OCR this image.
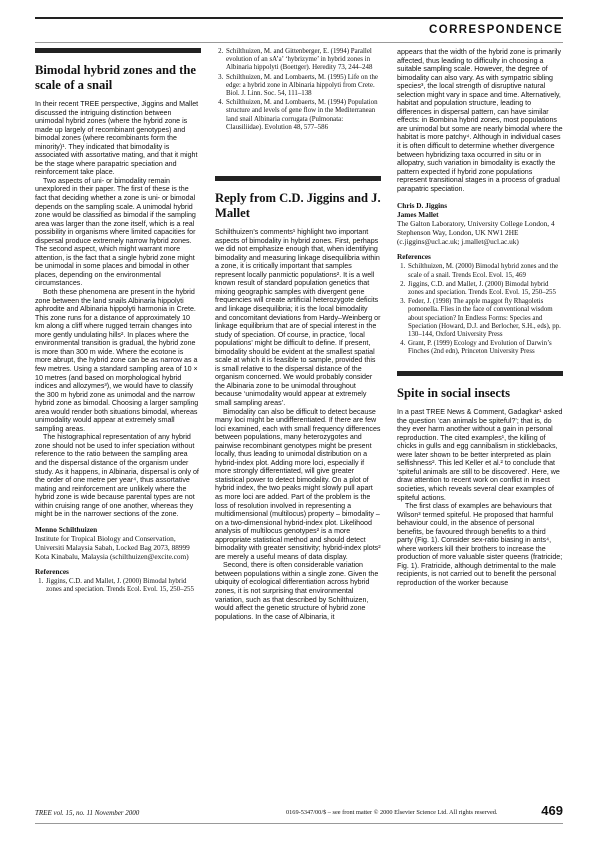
CORRESPONDENCE
Bimodal hybrid zones and the scale of a snail

In their recent TREE perspective, Jiggins and Mallet discussed the intriguing distinction between unimodal hybrid zones (where the hybrid zone is made up largely of recombinant genotypes) and bimodal zones (where recombinants form the minority)¹. They indicated that bimodality is associated with assortative mating, and that it might be the stage where parapatric speciation and reinforcement take place.

Two aspects of uni- or bimodality remain unexplored in their paper. The first of these is the fact that deciding whether a zone is uni- or bimodal depends on the sampling scale. A unimodal hybrid zone would be classified as bimodal if the sampling area was larger than the zone itself, which is a real possibility in organisms where limited capacities for dispersal produce extremely narrow hybrid zones. The second aspect, which might warrant more attention, is the fact that a single hybrid zone might be unimodal in some places and bimodal in other places, depending on the environmental circumstances.

Both these phenomena are present in the hybrid zone between the land snails Albinaria hippolyti aphrodite and Albinaria hippolyti harmonia in Crete. This zone runs for a distance of approximately 10 km along a cliff where rugged terrain changes into more gently undulating hills². In places where the environmental transition is gradual, the hybrid zone is more than 300 m wide. Where the ecotone is more abrupt, the hybrid zone can be as narrow as a few metres. Using a standard sampling area of 10 × 10 metres (and based on morphological hybrid indices and allozymes³), we would have to classify the 300 m hybrid zone as unimodal and the narrow hybrid zone as bimodal. Choosing a larger sampling area would render both situations bimodal, whereas unimodality would appear at extremely small sampling areas.

The histographical representation of any hybrid zone should not be used to infer speciation without reference to the ratio between the sampling area and the dispersal distance of the organism under study. As it happens, in Albinaria, dispersal is only of the order of one metre per year⁴, thus assortative mating and reinforcement are unlikely where the hybrid zone is wide because parental types are not within cruising range of one another, whereas they might be in the narrower sections of the zone.

Menno Schilthuizen
Institute for Tropical Biology and Conservation, Universiti Malaysia Sabah, Locked Bag 2073, 88999 Kota Kinabalu, Malaysia (schilthuizen@excite.com)
References
1. Jiggins, C.D. and Mallet, J. (2000) Bimodal hybrid zones and speciation. Trends Ecol. Evol. 15, 250–255
2. Schilthuizen, M. and Gittenberger, E. (1994) Parallel evolution of an sA’a’ ‘hybrizyme’ in hybrid zones in Albinaria hippolyti (Boettger). Heredity 73, 244–248
3. Schilthuizen, M. and Lombaerts, M. (1995) Life on the edge: a hybrid zone in Albinaria hippolyti from Crete. Biol. J. Linn. Soc. 54, 111–138
4. Schilthuizen, M. and Lombaerts, M. (1994) Population structure and levels of gene flow in the Mediterranean land snail Albinaria corrugata (Pulmonata: Clausiliidae). Evolution 48, 577–586
Reply from C.D. Jiggins and J. Mallet

Schilthuizen’s comments¹ highlight two important aspects of bimodality in hybrid zones. First, perhaps we did not emphasize enough that, when identifying bimodality and measuring linkage disequilibria within a zone, it is critically important that samples represent locally panmictic populations². It is a well known result of standard population genetics that mixing geographic samples with divergent gene frequencies will create artificial heterozygote deficits and linkage disequilibria; it is the local bimodality and concomitant deviations from Hardy–Weinberg or linkage equilibrium that are of special interest in the study of speciation. Of course, in practice, ‘local populations’ might be difficult to define. If present, bimodality should be evident at the smallest spatial scale at which it is feasible to sample, provided this is small relative to the dispersal distance of the organism concerned. We would probably consider the Albinaria zone to be unimodal throughout because ‘unimodality would appear at extremely small sampling areas’.

Bimodality can also be difficult to detect because many loci might be undifferentiated. If there are few loci examined, each with small frequency differences between populations, many heterozygotes and pairwise recombinant genotypes might be present locally, thus leading to unimodal distribution on a hybrid-index plot. Adding more loci, especially if more strongly differentiated, will give greater statistical power to detect bimodality. On a plot of hybrid index, the two peaks might slowly pull apart as more loci are added. Part of the problem is the loss of resolution involved in representing a multidimensional (multilocus) property – bimodality – on a two-dimensional hybrid-index plot. Likelihood analysis of multilocus genotypes² is a more appropriate statistical method and should detect bimodality with greater sensitivity; hybrid-index plots² are merely a useful means of data display.

Second, there is often considerable variation between populations within a single zone. Given the ubiquity of ecological differentiation across hybrid zones, it is not surprising that environmental variation, such as that described by Schilthuizen, would affect the genetic structure of hybrid zone populations. In the case of Albinaria, it

appears that the width of the hybrid zone is primarily affected, thus leading to difficulty in choosing a suitable sampling scale. However, the degree of bimodality can also vary. As with sympatric sibling species³, the local strength of disruptive natural selection might vary in space and time. Alternatively, habitat and population structure, leading to differences in dispersal pattern, can have similar effects: in Bombina hybrid zones, most populations are unimodal but some are nearly bimodal where the habitat is more patchy⁴. Although in individual cases it is often difficult to determine whether divergence between hybridizing taxa occurred in situ or in allopatry, such variation in bimodality is exactly the pattern expected if hybrid zone populations represent transitional stages in a process of gradual parapatric speciation.

Chris D. Jiggins
James Mallet
The Galton Laboratory, University College London, 4 Stephenson Way, London, UK NW1 2HE (c.jiggins@ucl.ac.uk; j.mallet@ucl.ac.uk)
References
1. Schilthuizen, M. (2000) Bimodal hybrid zones and the scale of a snail. Trends Ecol. Evol. 15, 469
2. Jiggins, C.D. and Mallet, J. (2000) Bimodal hybrid zones and speciation. Trends Ecol. Evol. 15, 250–255
3. Feder, J. (1998) The apple maggot fly Rhagoletis pomonella. Flies in the face of conventional wisdom about speciation? In Endless Forms: Species and Speciation (Howard, D.J. and Berlocher, S.H., eds), pp. 130–144, Oxford University Press
4. Grant, P. (1999) Ecology and Evolution of Darwin’s Finches (2nd edn), Princeton University Press
Spite in social insects

In a past TREE News & Comment, Gadagkar¹ asked the question ‘can animals be spiteful?’; that is, do they ever harm another without a gain in personal reproduction. The cited examples¹, the killing of chicks in gulls and egg cannibalism in sticklebacks, were later shown to be better interpreted as plain selfishness². This led Keller et al.² to conclude that ‘spiteful animals are still to be discovered’. Here, we draw attention to recent work on conflict in insect societies, which reveals several clear examples of spiteful actions.

The first class of examples are behaviours that Wilson³ termed spiteful. He proposed that harmful behaviour could, in the absence of personal benefits, be favoured through benefits to a third party (Fig. 1). Consider sex-ratio biasing in ants⁴, where workers kill their brothers to increase the production of more valuable sister queens (fratricide; Fig. 1). Fratricide, although detrimental to the male recipients, is not carried out to benefit the personal reproduction of the worker because

TREE vol. 15, no. 11 November 2000	0169-5347/00/$ – see front matter © 2000 Elsevier Science Ltd. All rights reserved.	469
